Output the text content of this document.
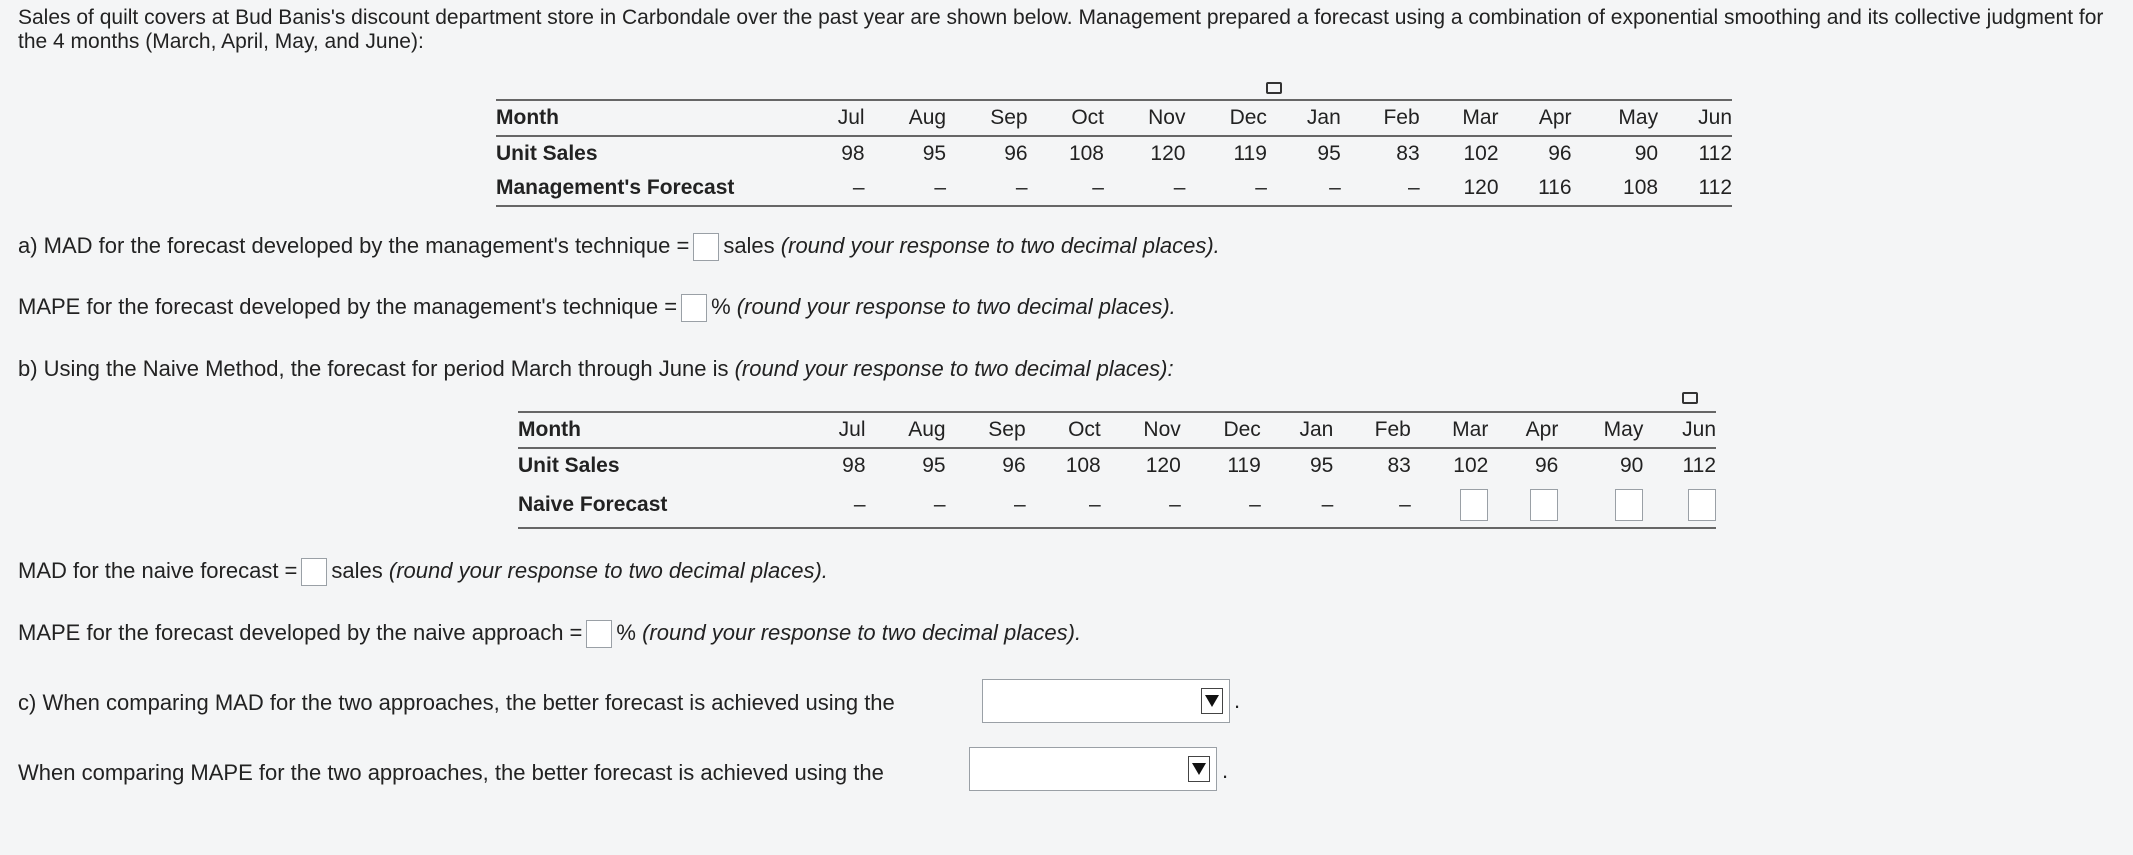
Sales of quilt covers at Bud Banis's discount department store in Carbondale over the past year are shown below. Management prepared a forecast using a combination of exponential smoothing and its collective judgment for the 4 months (March, April, May, and June):
Month	Jul	Aug	Sep	Oct	Nov	Dec	Jan	Feb	Mar	Apr	May	Jun
Unit Sales	98	95	96	108	120	119	95	83	102	96	90	112
Management's Forecast	–	–	–	–	–	–	–	–	120	116	108	112
a) MAD for the forecast developed by the management's technique = sales (round your response to two decimal places).
MAPE for the forecast developed by the management's technique = % (round your response to two decimal places).
b) Using the Naive Method, the forecast for period March through June is (round your response to two decimal places):
Month	Jul	Aug	Sep	Oct	Nov	Dec	Jan	Feb	Mar	Apr	May	Jun
Unit Sales	98	95	96	108	120	119	95	83	102	96	90	112
Naive Forecast	–	–	–	–	–	–	–	–				
MAD for the naive forecast = sales (round your response to two decimal places).
MAPE for the forecast developed by the naive approach = % (round your response to two decimal places).
c) When comparing MAD for the two approaches, the better forecast is achieved using the	.
When comparing MAPE for the two approaches, the better forecast is achieved using the	.
